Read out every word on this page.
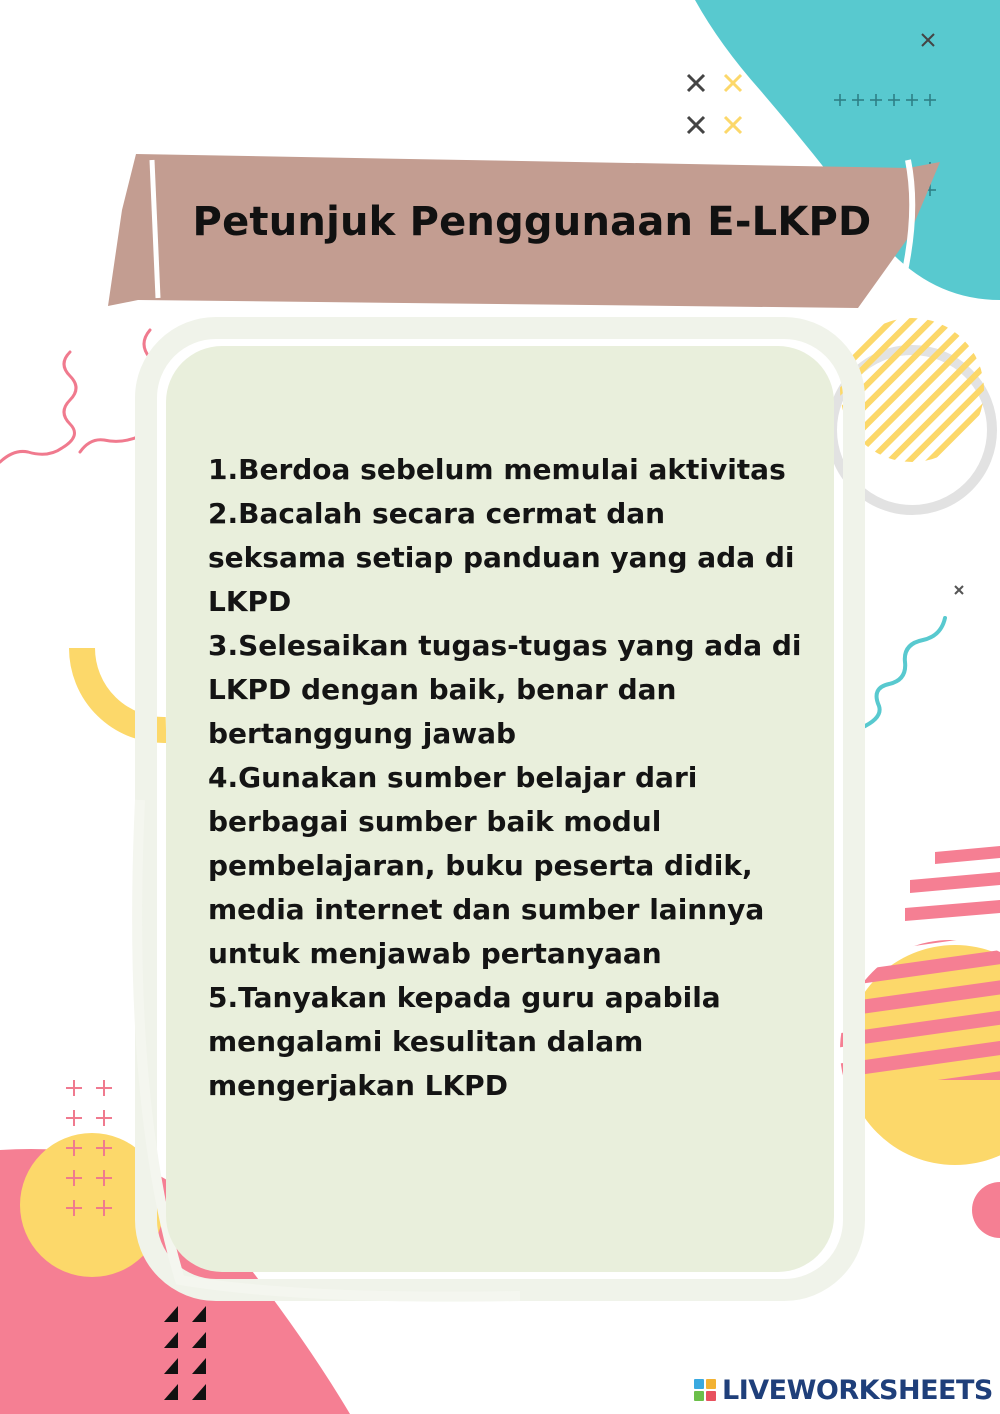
Petunjuk Penggunaan E-LKPD
1.Berdoa sebelum memulai aktivitas
2.Bacalah secara cermat dan seksama setiap panduan yang ada di LKPD
3.Selesaikan tugas-tugas yang ada di LKPD dengan baik, benar dan bertanggung jawab
4.Gunakan sumber belajar dari berbagai sumber baik modul pembelajaran, buku peserta didik, media internet dan sumber lainnya untuk menjawab pertanyaan
5.Tanyakan kepada guru apabila mengalami kesulitan dalam mengerjakan LKPD
LIVEWORKSHEETS
